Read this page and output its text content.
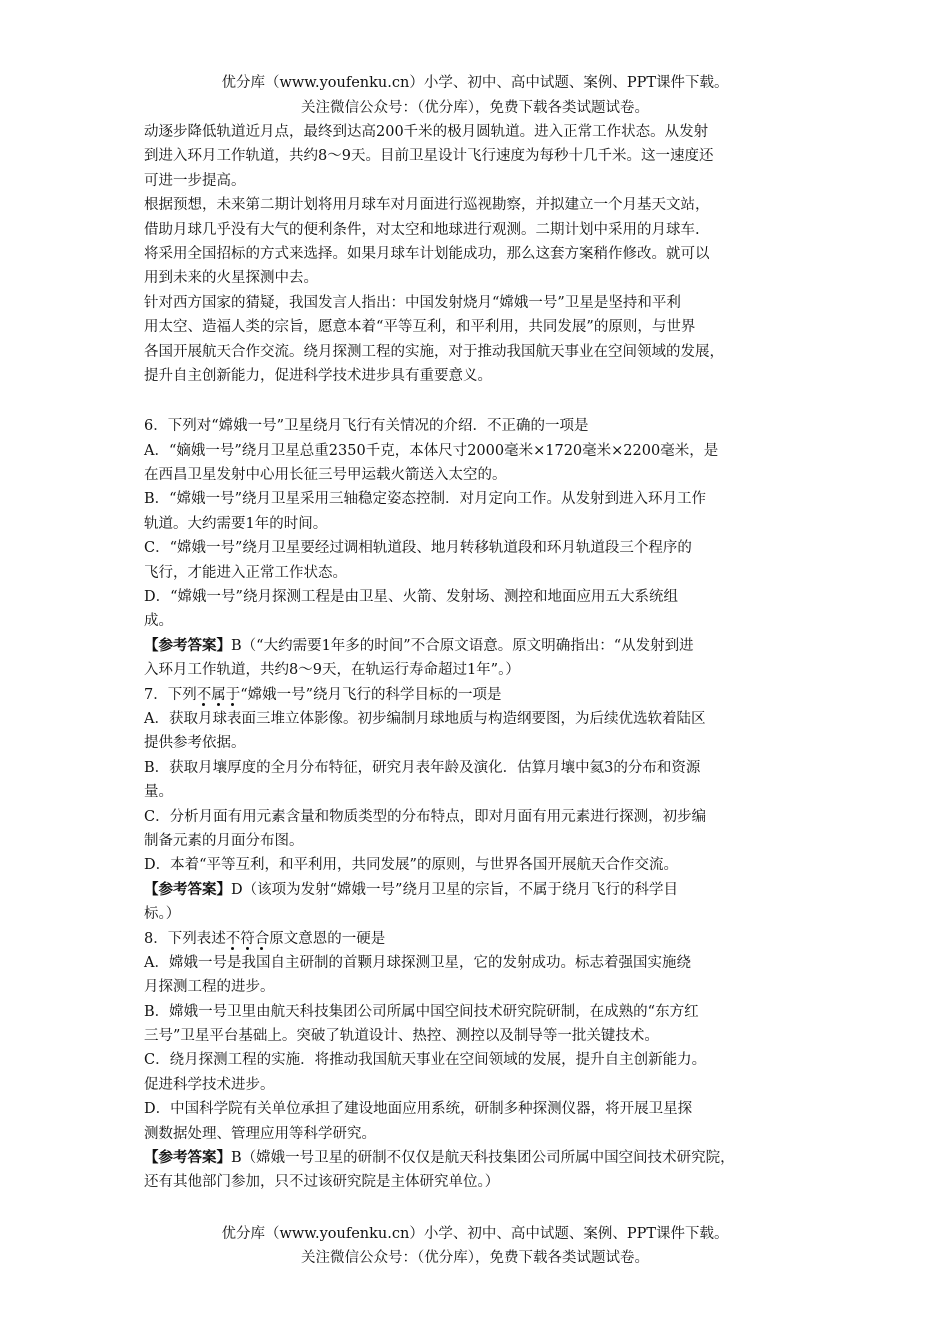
优分库（www.youfenku.cn）小学、初中、高中试题、案例、PPT课件下载。
关注微信公众号：（优分库），免费下载各类试题试卷。
动逐步降低轨道近月点，最终到达高200千米的极月圆轨道。进入正常工作状态。从发射
到进入环月工作轨道，共约8～9天。目前卫星设计飞行速度为每秒十几千米。这一速度还
可进一步提高。
根据预想，未来第二期计划将用月球车对月面进行巡视勘察，并拟建立一个月基天文站，
借助月球几乎没有大气的便利条件，对太空和地球进行观测。二期计划中采用的月球车.
将采用全国招标的方式来选择。如果月球车计划能成功，那么这套方案稍作修改。就可以
用到未来的火星探测中去。
针对西方国家的猜疑，我国发言人指出：中国发射烧月“嫦娥一号”卫星是坚持和平利
用太空、造福人类的宗旨，愿意本着“平等互利，和平利用，共同发展”的原则，与世界
各国开展航天合作交流。绕月探测工程的实施，对于推动我国航天事业在空间领域的发展，
提升自主创新能力，促进科学技术进步具有重要意义。
6．下列对“嫦娥一号”卫星绕月飞行有关情况的介绍．不正确的一项是
A．“嫡娥一号”绕月卫星总重2350千克，本体尺寸2000毫米×1720毫米×2200毫米，是
在西昌卫星发射中心用长征三号甲运载火箭送入太空的。
B．“嫦娥一号”绕月卫星采用三轴稳定姿态控制．对月定向工作。从发射到进入环月工作
轨道。大约需要1年的时间。
C．“嫦娥一号”绕月卫星要经过调相轨道段、地月转移轨道段和环月轨道段三个程序的
飞行，才能进入正常工作状态。
D．“嫦娥一号”绕月探测工程是由卫星、火箭、发射场、测控和地面应用五大系统组
成。
【参考答案】B（“大约需要1年多的时间”不合原文语意。原文明确指出：“从发射到进
入环月工作轨道，共约8～9天，在轨运行寿命超过1年”。）
7．下列不属于“嫦娥一号”绕月飞行的科学目标的一项是
A．获取月球表面三堆立体影像。初步编制月球地质与构造纲要图，为后续优选软着陆区
提供参考依据。
B．获取月壤厚度的全月分布特征，研究月表年龄及演化．估算月壤中氦3的分布和资源
量。
C．分析月面有用元素含量和物质类型的分布特点，即对月面有用元素进行探测，初步编
制备元素的月面分布图。
D．本着“平等互利，和平利用，共同发展”的原则，与世界各国开展航天合作交流。
【参考答案】D（该项为发射“嫦娥一号”绕月卫星的宗旨，不属于绕月飞行的科学目
标。）
8．下列表述不符合原文意恩的一硬是
A．嫦娥一号是我国自主研制的首颗月球探测卫星，它的发射成功。标志着强国实施绕
月探测工程的进步。
B．嫦娥一号卫里由航天科技集团公司所属中国空间技术研究院研制，在成熟的“东方红
三号”卫星平台基础上。突破了轨道设计、热控、测控以及制导等一批关键技术。
C．绕月探测工程的实施．将推动我国航天事业在空间领域的发展，提升自主创新能力。
促进科学技术进步。
D．中国科学院有关单位承担了建设地面应用系统，研制多种探测仪器，将开展卫星探
测数据处理、管理应用等科学研究。
【参考答案】B（嫦娥一号卫星的研制不仅仅是航天科技集团公司所属中国空间技术研究院，
还有其他部门参加，只不过该研究院是主体研究单位。）
优分库（www.youfenku.cn）小学、初中、高中试题、案例、PPT课件下载。
关注微信公众号：（优分库），免费下载各类试题试卷。
